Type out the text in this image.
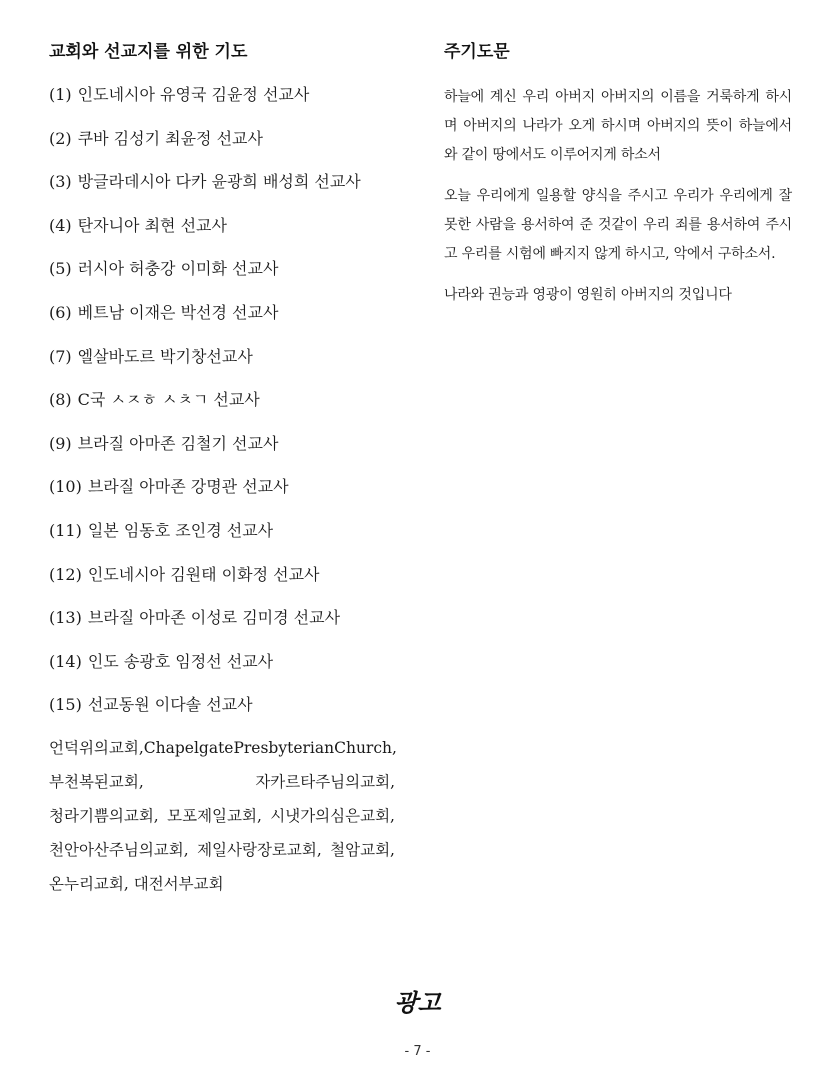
교회와 선교지를 위한 기도
(1) 인도네시아 유영국 김윤정 선교사
(2) 쿠바 김성기 최윤정 선교사
(3) 방글라데시아 다카 윤광희 배성희 선교사
(4) 탄자니아 최현 선교사
(5) 러시아 허충강 이미화 선교사
(6) 베트남 이재은 박선경 선교사
(7) 엘살바도르 박기창선교사
(8) C국 ㅅㅈㅎ ㅅㅊㄱ 선교사
(9) 브라질 아마존 김철기 선교사
(10) 브라질 아마존 강명관 선교사
(11) 일본 임동호 조인경 선교사
(12) 인도네시아 김원태 이화정 선교사
(13) 브라질 아마존 이성로 김미경 선교사
(14) 인도 송광호 임정선 선교사
(15) 선교동원 이다솔 선교사
언덕위의교회, Chapelgate Presbyterian Church,
부천복된교회,	자카르타주님의교회,
청라기쁨의교회, 모포제일교회, 시냇가의심은교회,
천안아산주님의교회, 제일사랑장로교회, 철암교회,
온누리교회, 대전서부교회
주기도문

하늘에 계신 우리 아버지 아버지의 이름을 거룩하게 하시며 아버지의 나라가 오게 하시며 아버지의 뜻이 하늘에서와 같이 땅에서도 이루어지게 하소서

오늘 우리에게 일용할 양식을 주시고 우리가 우리에게 잘못한 사람을 용서하여 준 것같이 우리 죄를 용서하여 주시고 우리를 시험에 빠지지 않게 하시고, 악에서 구하소서.

나라와 권능과 영광이 영원히 아버지의 것입니다

광고
- 7 -
